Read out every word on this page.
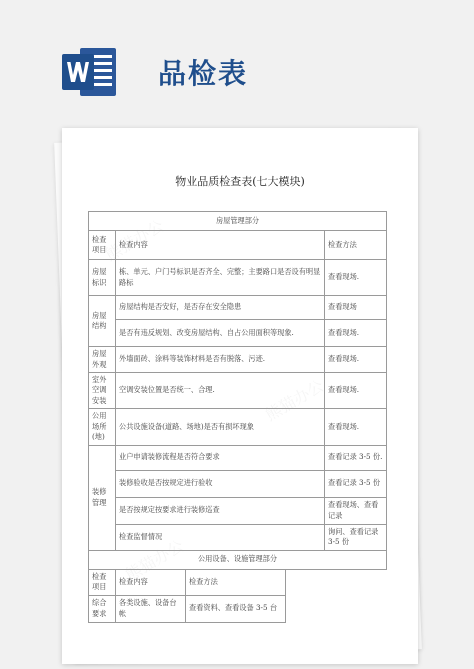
品检表
物业品质检查表(七大模块)
房屋管理部分		
检查项目	检查内容	检查方法
房屋标识	栋、单元、户门号标识是否齐全、完整；主要路口是否设有明显路标	查看现场.
房屋结构	房屋结构是否安好，是否存在安全隐患	查看现场
	是否有违反规划、改变房屋结构、自占公用面积等现象.	查看现场.
房屋外观	外墙面砖、涂料等装饰材料是否有脱落、污迹.	查看现场.
室外空调安装	空调安装位置是否统一、合理.	查看现场.
公用场所(地)	公共设施设备(道路、场地)是否有损坏现象	查看现场.
装修管理	业户申请装修流程是否符合要求	查看记录 3-5 份.
	装修验收是否按规定进行验收	查看记录 3-5 份
	是否按规定按要求进行装修巡查	查看现场、查看记录
	检查监督情况	询问、查看记录 3-5 份
公用设备、设施管理部分		
检查项目	检查内容	检查方法	
综合要求	各类设施、设备台帐	查看资料、查看设备 3-5 台	
